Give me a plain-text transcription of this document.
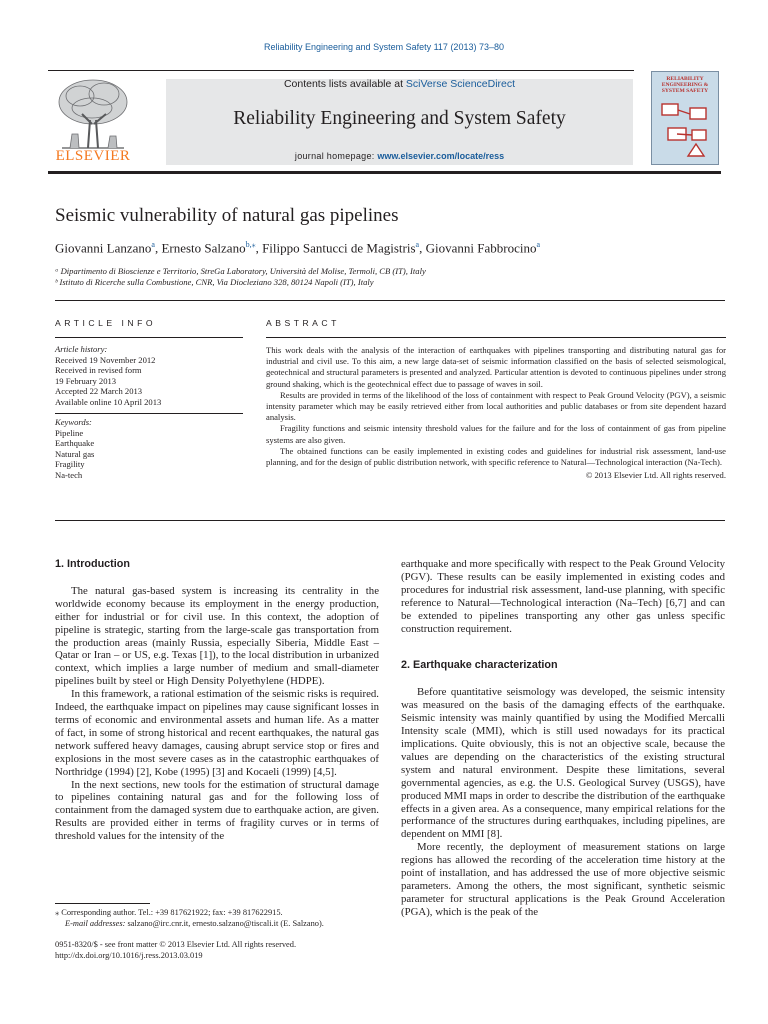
Reliability Engineering and System Safety 117 (2013) 73–80
Contents lists available at SciVerse ScienceDirect
Reliability Engineering and System Safety
journal homepage: www.elsevier.com/locate/ress
ELSEVIER
RELIABILITY ENGINEERING & SYSTEM SAFETY
Seismic vulnerability of natural gas pipelines
Giovanni Lanzano$^a$, Ernesto Salzano$^{b,⁎}$, Filippo Santucci de Magistris$^a$, Giovanni Fabbrocino$^a$
ᵃ Dipartimento di Bioscienze e Territorio, StreGa Laboratory, Università del Molise, Termoli, CB (IT), Italy
ᵇ Istituto di Ricerche sulla Combustione, CNR, Via Diocleziano 328, 80124 Napoli (IT), Italy
ARTICLE INFO
Article history:
Received 19 November 2012
Received in revised form
19 February 2013
Accepted 22 March 2013
Available online 10 April 2013
Keywords:
Pipeline
Earthquake
Natural gas
Fragility
Na-tech
ABSTRACT

This work deals with the analysis of the interaction of earthquakes with pipelines transporting and distributing natural gas for industrial and civil use. To this aim, a new large data-set of seismic information classified on the basis of selected seismological, geotechnical and structural parameters is presented and analyzed. Particular attention is devoted to continuous pipelines under strong ground shaking, which is the geotechnical effect due to passage of waves in soil.

Results are provided in terms of the likelihood of the loss of containment with respect to Peak Ground Velocity (PGV), a seismic intensity parameter which may be easily retrieved either from local authorities and public databases or from site dependent hazard analysis.

Fragility functions and seismic intensity threshold values for the failure and for the loss of containment of gas from pipeline systems are also given.

The obtained functions can be easily implemented in existing codes and guidelines for industrial risk assessment, land-use planning, and for the design of public distribution network, with specific reference to Natural—Technological interaction (Na-Tech).

© 2013 Elsevier Ltd. All rights reserved.

1. Introduction

The natural gas-based system is increasing its centrality in the worldwide economy because its employment in the energy production, either for industrial or for civil use. In this context, the adoption of pipeline is strategic, starting from the large-scale gas transportation from the production areas (mainly Russia, especially Siberia, Middle East – Qatar or Iran – or US, e.g. Texas [1]), to the local distribution in urbanized context, which implies a large number of medium and small-diameter pipelines built by steel or High Density Polyethylene (HDPE).

In this framework, a rational estimation of the seismic risks is required. Indeed, the earthquake impact on pipelines may cause significant losses in terms of economic and environmental assets and human life. As a matter of fact, in some of strong historical and recent earthquakes, the natural gas network suffered heavy damages, causing abrupt service stop or fires and explosions in the most severe cases as in the catastrophic earthquakes of Northridge (1994) [2], Kobe (1995) [3] and Kocaeli (1999) [4,5].

In the next sections, new tools for the estimation of structural damage to pipelines containing natural gas and for the following loss of containment from the damaged system due to earthquake action, are given. Results are provided either in terms of fragility curves or in terms of threshold values for the intensity of the

earthquake and more specifically with respect to the Peak Ground Velocity (PGV). These results can be easily implemented in existing codes and procedures for industrial risk assessment, land-use planning, with specific reference to Natural—Technological interaction (Na–Tech) [6,7] and can be extended to pipelines transporting any other gas unless specific construction requirement.

2. Earthquake characterization

Before quantitative seismology was developed, the seismic intensity was measured on the basis of the damaging effects of the earthquake. Seismic intensity was mainly quantified by using the Modified Mercalli Intensity scale (MMI), which is still used nowadays for its practical implications. Quite obviously, this is not an objective scale, because the values are depending on the characteristics of the existing structural system and natural environment. Despite these limitations, several governmental agencies, as e.g. the U.S. Geological Survey (USGS), have produced MMI maps in order to describe the distribution of the earthquake effects in a given area. As a consequence, many empirical relations for the performance of the structures during earthquakes, including pipelines, are dependent on MMI [8].

More recently, the deployment of measurement stations on large regions has allowed the recording of the acceleration time history at the point of installation, and has addressed the use of more objective seismic parameters. Among the others, the most significant, synthetic seismic parameter for structural applications is the Peak Ground Acceleration (PGA), which is the peak of the

⁎ Corresponding author. Tel.: +39 817621922; fax: +39 817622915.
E-mail addresses: salzano@irc.cnr.it, ernesto.salzano@tiscali.it (E. Salzano).
0951-8320/$ - see front matter © 2013 Elsevier Ltd. All rights reserved.
http://dx.doi.org/10.1016/j.ress.2013.03.019
